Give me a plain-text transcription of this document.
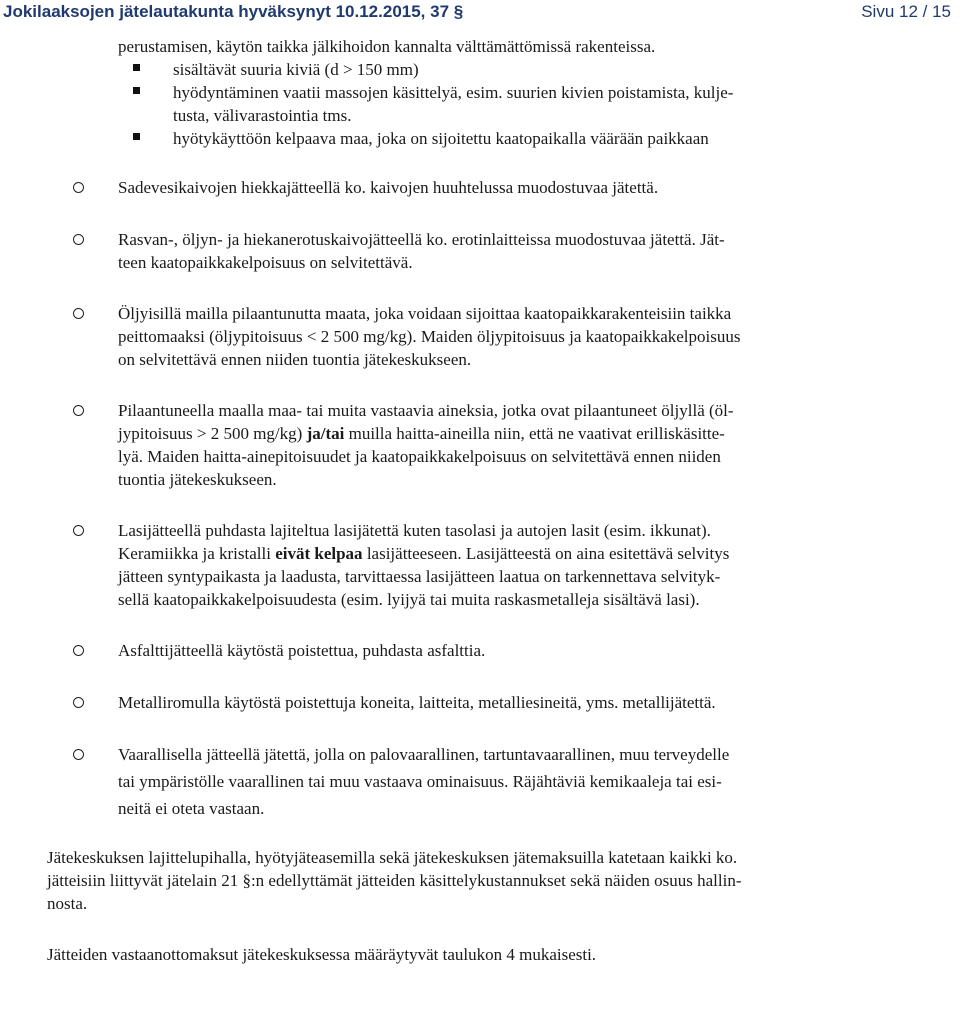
Jokilaaksojen jätelautakunta hyväksynyt 10.12.2015, 37 §	Sivu 12 / 15
perustamisen, käytön taikka jälkihoidon kannalta välttämättömissä rakenteissa.
sisältävät suuria kiviä (d > 150 mm)
hyödyntäminen vaatii massojen käsittelyä, esim. suurien kivien poistamista, kulje-
tusta, välivarastointia tms.
hyötykäyttöön kelpaava maa, joka on sijoitettu kaatopaikalla väärään paikkaan
Sadevesikaivojen hiekkajätteellä ko. kaivojen huuhtelussa muodostuvaa jätettä.
Rasvan-, öljyn- ja hiekanerotuskaivojätteellä ko. erotinlaitteissa muodostuvaa jätettä. Jät-
teen kaatopaikkakelpoisuus on selvitettävä.
Öljyisillä mailla pilaantunutta maata, joka voidaan sijoittaa kaatopaikkarakenteisiin taikka
peittomaaksi (öljypitoisuus < 2 500 mg/kg). Maiden öljypitoisuus ja kaatopaikkakelpoisuus
on selvitettävä ennen niiden tuontia jätekeskukseen.
Pilaantuneella maalla maa- tai muita vastaavia aineksia, jotka ovat pilaantuneet öljyllä (öl-
jypitoisuus > 2 500 mg/kg) ja/tai muilla haitta-aineilla niin, että ne vaativat erilliskäsitte-
lyä. Maiden haitta-ainepitoisuudet ja kaatopaikkakelpoisuus on selvitettävä ennen niiden
tuontia jätekeskukseen.
Lasijätteellä puhdasta lajiteltua lasijätettä kuten tasolasi ja autojen lasit (esim. ikkunat).
Keramiikka ja kristalli eivät kelpaa lasijätteeseen. Lasijätteestä on aina esitettävä selvitys
jätteen syntypaikasta ja laadusta, tarvittaessa lasijätteen laatua on tarkennettava selvityk-
sellä kaatopaikkakelpoisuudesta (esim. lyijyä tai muita raskasmetalleja sisältävä lasi).
Asfalttijätteellä käytöstä poistettua, puhdasta asfalttia.
Metalliromulla käytöstä poistettuja koneita, laitteita, metalliesineitä, yms. metallijätettä.
Vaarallisella jätteellä jätettä, jolla on palovaarallinen, tartuntavaarallinen, muu terveydelle
tai ympäristölle vaarallinen tai muu vastaava ominaisuus. Räjähtäviä kemikaaleja tai esi-
neitä ei oteta vastaan.
Jätekeskuksen lajittelupihalla, hyötyjäteasemilla sekä jätekeskuksen jätemaksuilla katetaan kaikki ko.
jätteisiin liittyvät jätelain 21 §:n edellyttämät jätteiden käsittelykustannukset sekä näiden osuus hallin-
nosta.
Jätteiden vastaanottomaksut jätekeskuksessa määräytyvät taulukon 4 mukaisesti.
